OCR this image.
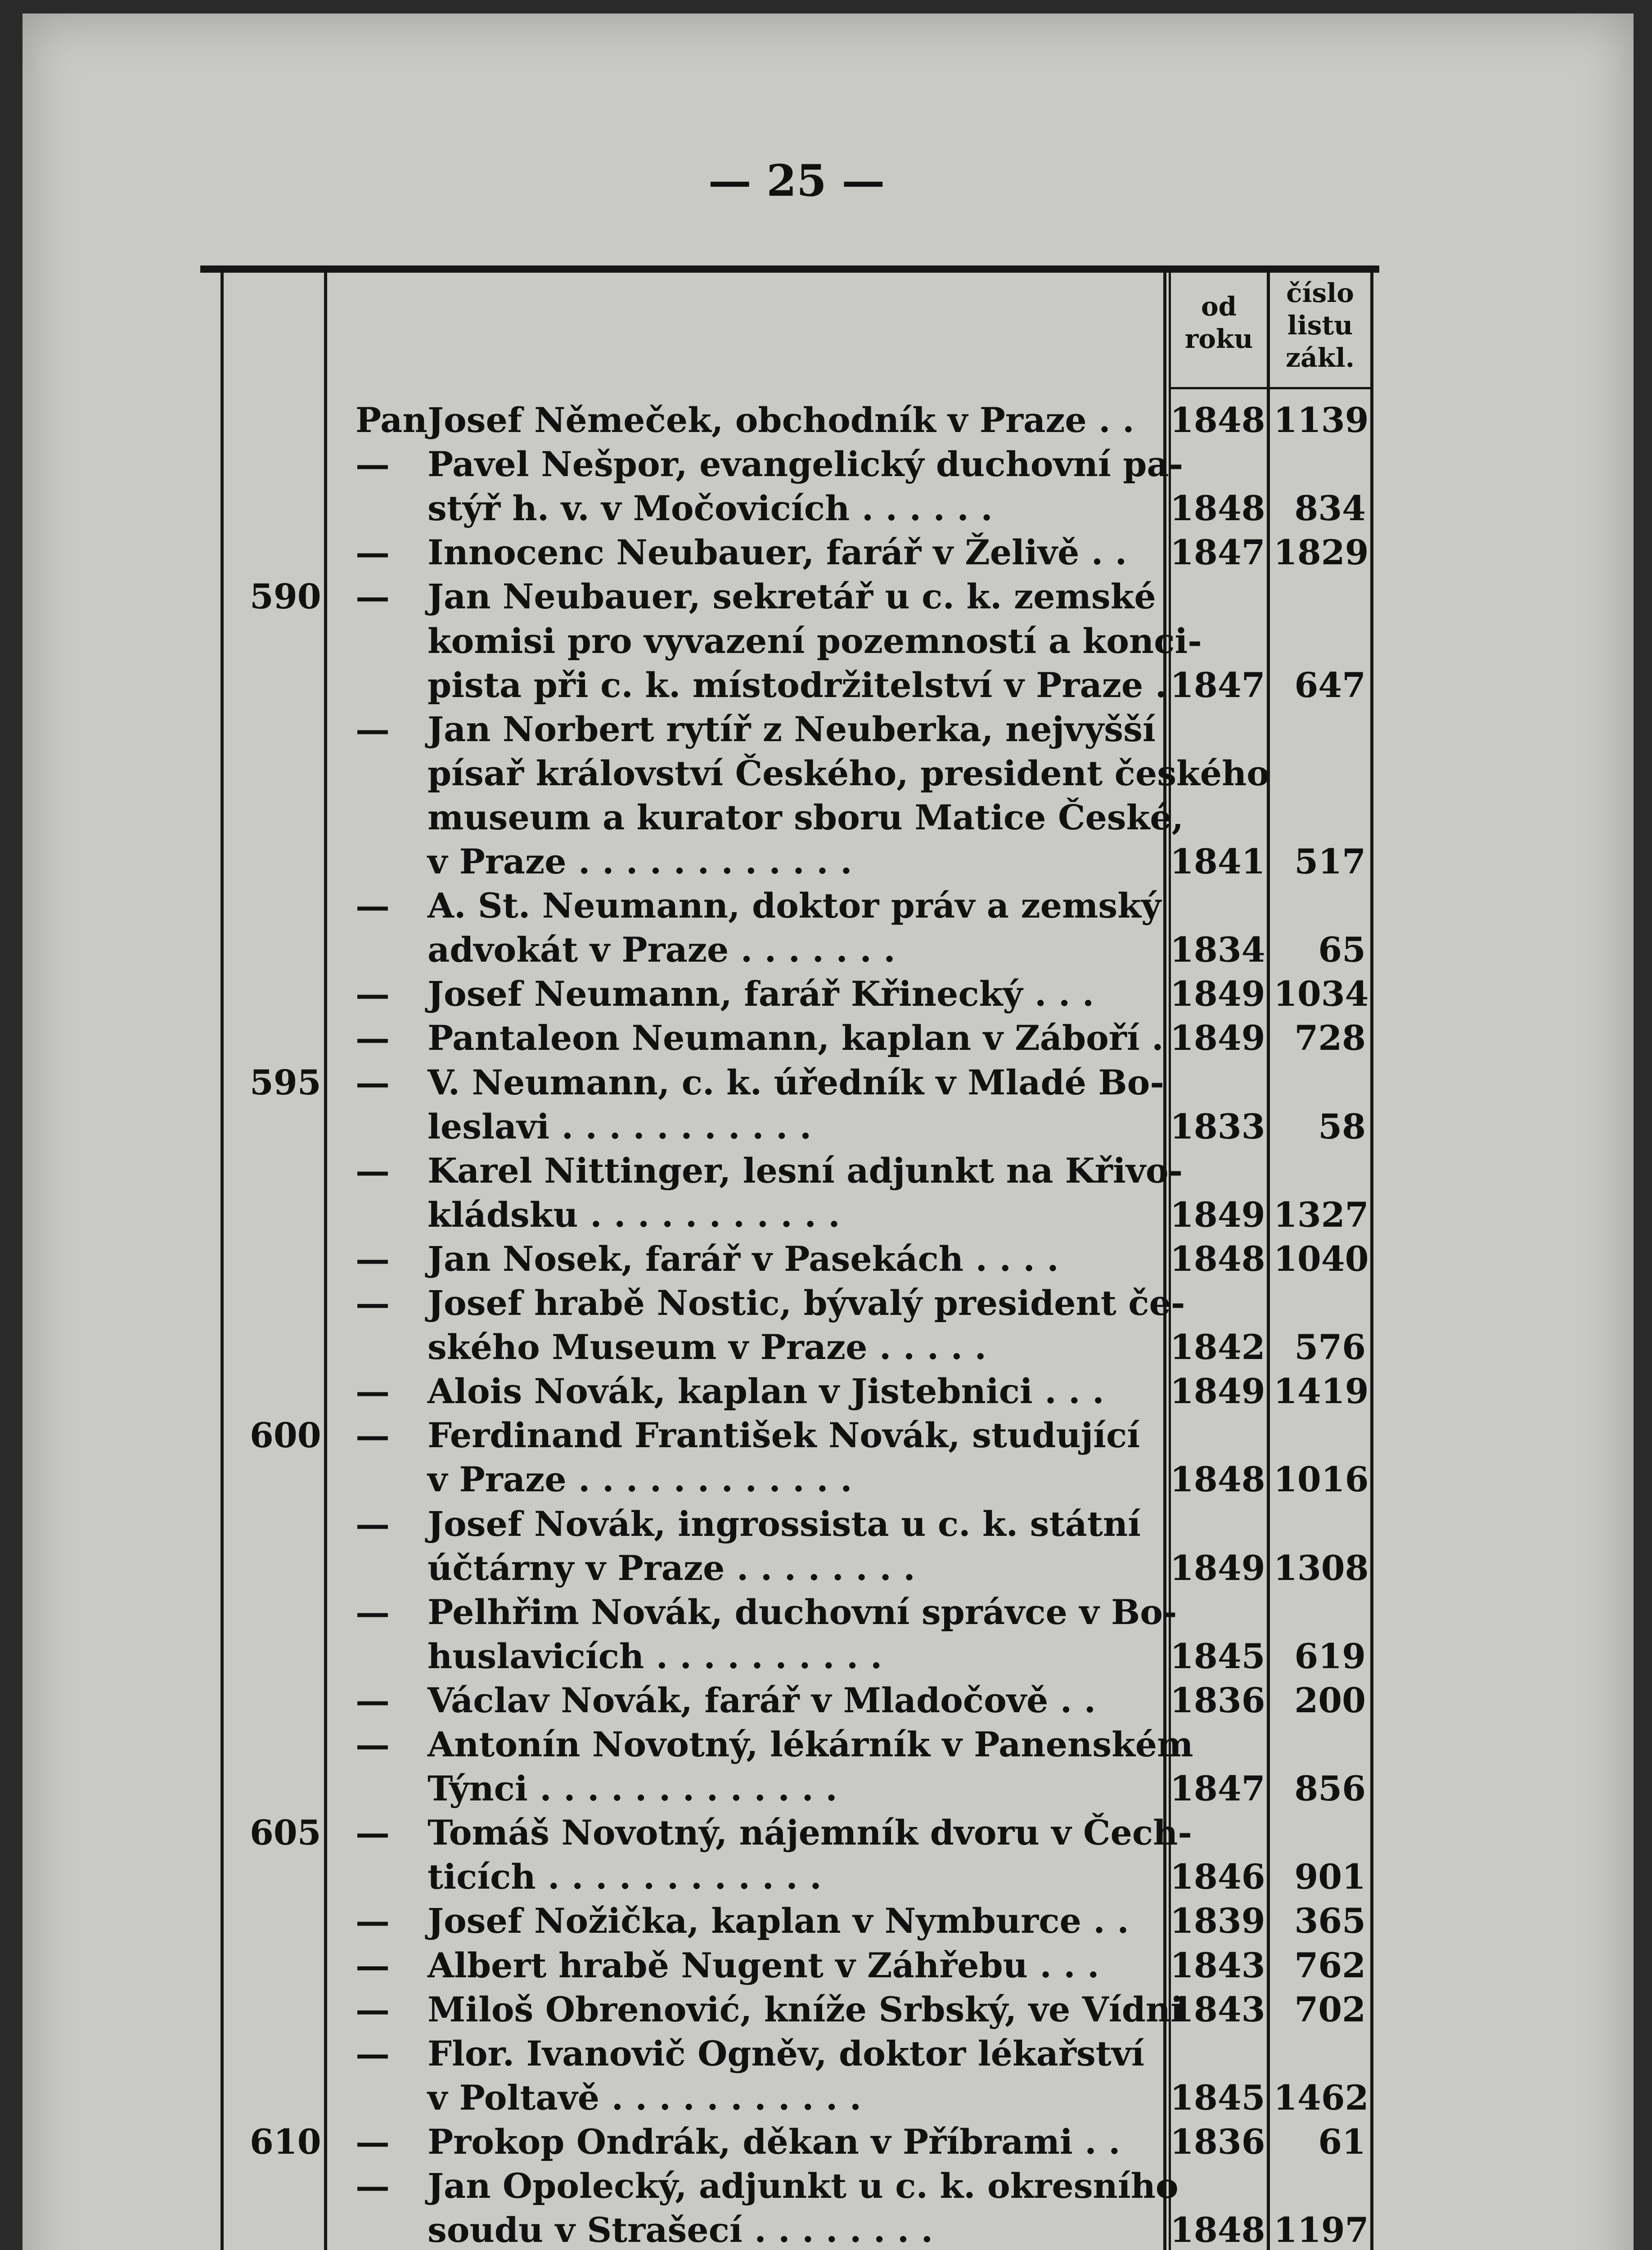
— 25 —
od
roku
číslo
listu
zákl.
Pan Josef Němeček, obchodník v Praze . .	1848 1139
—	Pavel Nešpor, evangelický duchovní pa-
stýř h. v. v Močovicích . . . . . .	1848 834
—	Innocenc Neubauer, farář v Želivě . .	1847 1829
590 —	Jan Neubauer, sekretář u c. k. zemské
komisi pro vyvazení pozemností a konci-
pista při c. k. místodržitelství v Praze . 1847 647
—	Jan Norbert rytíř z Neuberka, nejvyšší
písař království Českého, president českého
museum a kurator sboru Matice České,
v Praze . . . . . . . . . . . .	1841 517
—	A. St. Neumann, doktor práv a zemský
advokát v Praze . . . . . . .	1834	65
—	Josef Neumann, farář Křinecký . . .	1849 1034
—	Pantaleon Neumann, kaplan v Záboří . 1849 728
595 —	V. Neumann, c. k. úředník v Mladé Bo-
leslavi . . . . . . . . . . .	1833	58
—	Karel Nittinger, lesní adjunkt na Křivo-
kládsku . . . . . . . . . . .	1849 1327
—	Jan Nosek, farář v Pasekách . . . .	1848 1040
—	Josef hrabě Nostic, bývalý president če-
ského Museum v Praze . . . . .	1842 576
—	Alois Novák, kaplan v Jistebnici . . .	1849 1419
600 —	Ferdinand František Novák, studující
v Praze . . . . . . . . . . . .	1848 1016
—	Josef Novák, ingrossista u c. k. státní
účtárny v Praze . . . . . . . .	1849 1308
—	Pelhřim Novák, duchovní správce v Bo-
huslavicích . . . . . . . . . .	1845 619
—	Václav Novák, farář v Mladočově . .	1836 200
—	Antonín Novotný, lékárník v Panenském
Týnci . . . . . . . . . . . . .	1847 856
605 —	Tomáš Novotný, nájemník dvoru v Čech-
ticích . . . . . . . . . . . .	1846 901
—	Josef Nožička, kaplan v Nymburce . .	1839 365
—	Albert hrabě Nugent v Záhřebu . . .	1843 762
—	Miloš Obrenović, kníže Srbský, ve Vídni
1843 702
—	Flor. Ivanovič Ogněv, doktor lékařství
v Poltavě . . . . . . . . . . .	1845 1462
610 —	Prokop Ondrák, děkan v Příbrami . .	1836	61
—	Jan Opolecký, adjunkt u c. k. okresního
soudu v Strašecí . . . . . . . .	1848 1197
